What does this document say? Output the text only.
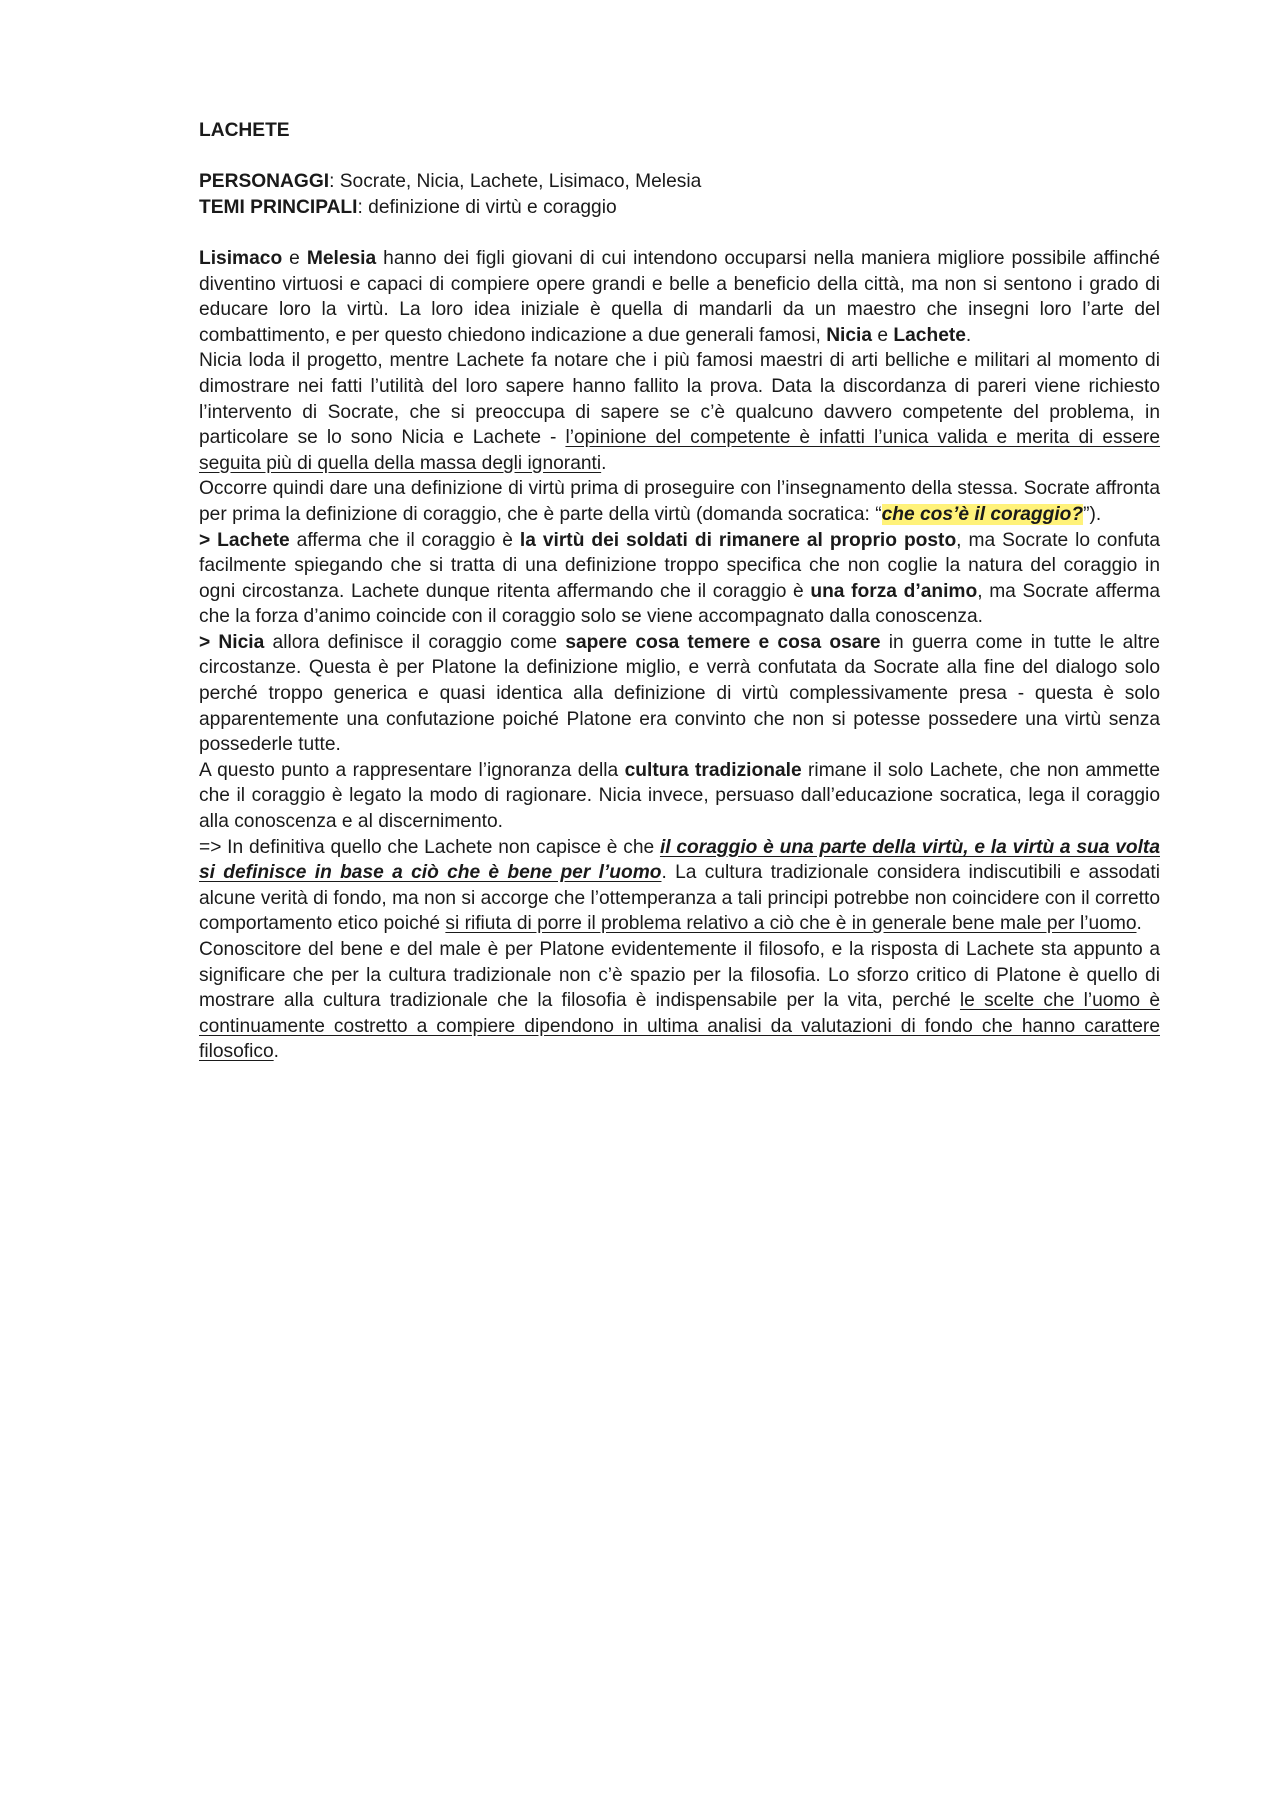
LACHETE
PERSONAGGI: Socrate, Nicia, Lachete, Lisimaco, Melesia
TEMI PRINCIPALI: definizione di virtù e coraggio

Lisimaco e Melesia hanno dei figli giovani di cui intendono occuparsi nella maniera migliore possibile affinché diventino virtuosi e capaci di compiere opere grandi e belle a beneficio della città, ma non si sentono i grado di educare loro la virtù. La loro idea iniziale è quella di mandarli da un maestro che insegni loro l’arte del combattimento, e per questo chiedono indicazione a due generali famosi, Nicia e Lachete.

Nicia loda il progetto, mentre Lachete fa notare che i più famosi maestri di arti belliche e militari al momento di dimostrare nei fatti l’utilità del loro sapere hanno fallito la prova. Data la discordanza di pareri viene richiesto l’intervento di Socrate, che si preoccupa di sapere se c’è qualcuno davvero competente del problema, in particolare se lo sono Nicia e Lachete - l’opinione del competente è infatti l’unica valida e merita di essere seguita più di quella della massa degli ignoranti.

Occorre quindi dare una definizione di virtù prima di proseguire con l’insegnamento della stessa. Socrate affronta per prima la definizione di coraggio, che è parte della virtù (domanda socratica: “che cos’è il coraggio?”).

> Lachete afferma che il coraggio è la virtù dei soldati di rimanere al proprio posto, ma Socrate lo confuta facilmente spiegando che si tratta di una definizione troppo specifica che non coglie la natura del coraggio in ogni circostanza. Lachete dunque ritenta affermando che il coraggio è una forza d’animo, ma Socrate afferma che la forza d’animo coincide con il coraggio solo se viene accompagnato dalla conoscenza.

> Nicia allora definisce il coraggio come sapere cosa temere e cosa osare in guerra come in tutte le altre circostanze. Questa è per Platone la definizione miglio, e verrà confutata da Socrate alla fine del dialogo solo perché troppo generica e quasi identica alla definizione di virtù complessivamente presa - questa è solo apparentemente una confutazione poiché Platone era convinto che non si potesse possedere una virtù senza possederle tutte.

A questo punto a rappresentare l’ignoranza della cultura tradizionale rimane il solo Lachete, che non ammette che il coraggio è legato la modo di ragionare. Nicia invece, persuaso dall’educazione socratica, lega il coraggio alla conoscenza e al discernimento.

=> In definitiva quello che Lachete non capisce è che il coraggio è una parte della virtù, e la virtù a sua volta si definisce in base a ciò che è bene per l’uomo. La cultura tradizionale considera indiscutibili e assodati alcune verità di fondo, ma non si accorge che l’ottemperanza a tali principi potrebbe non coincidere con il corretto comportamento etico poiché si rifiuta di porre il problema relativo a ciò che è in generale bene male per l’uomo.

Conoscitore del bene e del male è per Platone evidentemente il filosofo, e la risposta di Lachete sta appunto a significare che per la cultura tradizionale non c’è spazio per la filosofia. Lo sforzo critico di Platone è quello di mostrare alla cultura tradizionale che la filosofia è indispensabile per la vita, perché le scelte che l’uomo è continuamente costretto a compiere dipendono in ultima analisi da valutazioni di fondo che hanno carattere filosofico.
